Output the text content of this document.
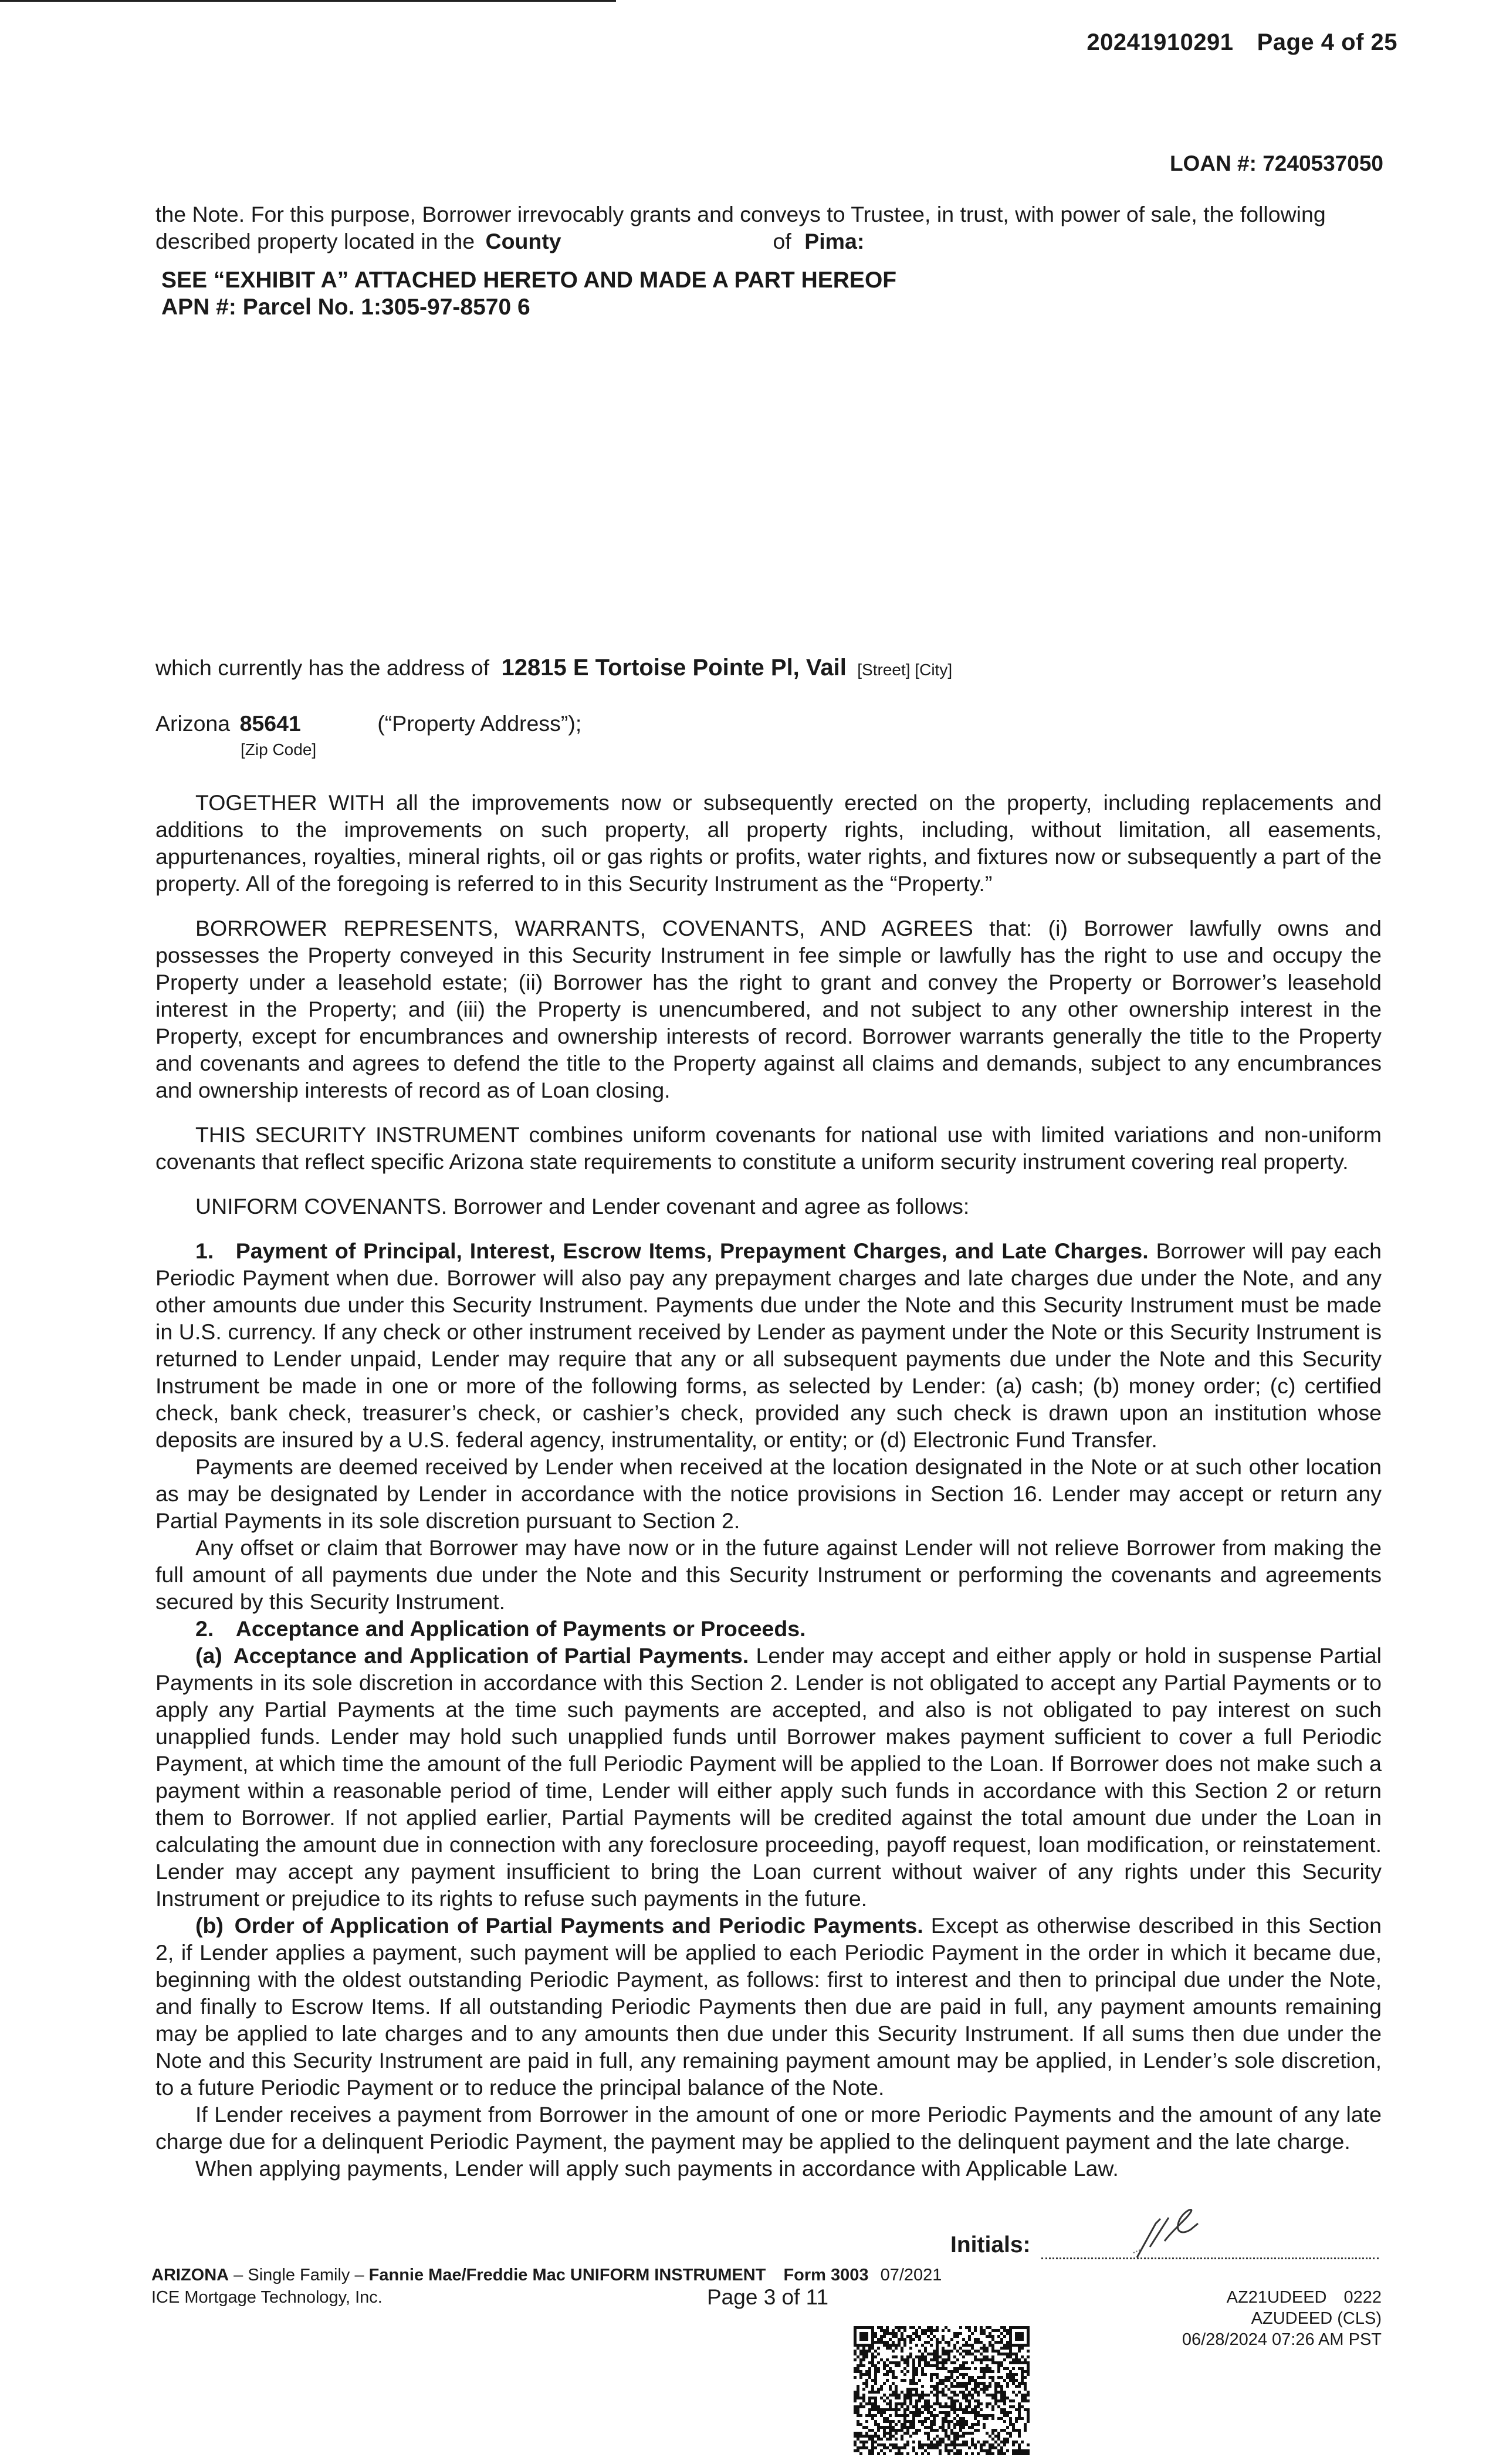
20241910291 Page 4 of 25
LOAN #: 7240537050
the Note. For this purpose, Borrower irrevocably grants and conveys to Trustee, in trust, with power of sale, the following described property located in the County	of Pima:
SEE “EXHIBIT A” ATTACHED HERETO AND MADE A PART HEREOF
APN #: Parcel No. 1:305-97-8570 6
which currently has the address of 12815 E Tortoise Pointe Pl, Vail [Street] [City]
Arizona 85641	(“Property Address”);
[Zip Code]

TOGETHER WITH all the improvements now or subsequently erected on the property, including replacements and additions to the improvements on such property, all property rights, including, without limitation, all easements, appurtenances, royalties, mineral rights, oil or gas rights or profits, water rights, and fixtures now or subsequently a part of the property. All of the foregoing is referred to in this Security Instrument as the “Property.”

BORROWER REPRESENTS, WARRANTS, COVENANTS, AND AGREES that: (i) Borrower lawfully owns and possesses the Property conveyed in this Security Instrument in fee simple or lawfully has the right to use and occupy the Property under a leasehold estate; (ii) Borrower has the right to grant and convey the Property or Borrower’s leasehold interest in the Property; and (iii) the Property is unencumbered, and not subject to any other ownership interest in the Property, except for encumbrances and ownership interests of record. Borrower warrants generally the title to the Property and covenants and agrees to defend the title to the Property against all claims and demands, subject to any encumbrances and ownership interests of record as of Loan closing.

THIS SECURITY INSTRUMENT combines uniform covenants for national use with limited variations and non-uniform covenants that reflect specific Arizona state requirements to constitute a uniform security instrument covering real property.

UNIFORM COVENANTS. Borrower and Lender covenant and agree as follows:

1. Payment of Principal, Interest, Escrow Items, Prepayment Charges, and Late Charges. Borrower will pay each Periodic Payment when due. Borrower will also pay any prepayment charges and late charges due under the Note, and any other amounts due under this Security Instrument. Payments due under the Note and this Security Instrument must be made in U.S. currency. If any check or other instrument received by Lender as payment under the Note or this Security Instrument is returned to Lender unpaid, Lender may require that any or all subsequent payments due under the Note and this Security Instrument be made in one or more of the following forms, as selected by Lender: (a) cash; (b) money order; (c) certified check, bank check, treasurer’s check, or cashier’s check, provided any such check is drawn upon an institution whose deposits are insured by a U.S. federal agency, instrumentality, or entity; or (d) Electronic Fund Transfer.

Payments are deemed received by Lender when received at the location designated in the Note or at such other location as may be designated by Lender in accordance with the notice provisions in Section 16. Lender may accept or return any Partial Payments in its sole discretion pursuant to Section 2.

Any offset or claim that Borrower may have now or in the future against Lender will not relieve Borrower from making the full amount of all payments due under the Note and this Security Instrument or performing the covenants and agreements secured by this Security Instrument.

2. Acceptance and Application of Payments or Proceeds.

(a) Acceptance and Application of Partial Payments. Lender may accept and either apply or hold in suspense Partial Payments in its sole discretion in accordance with this Section 2. Lender is not obligated to accept any Partial Payments or to apply any Partial Payments at the time such payments are accepted, and also is not obligated to pay interest on such unapplied funds. Lender may hold such unapplied funds until Borrower makes payment sufficient to cover a full Periodic Payment, at which time the amount of the full Periodic Payment will be applied to the Loan. If Borrower does not make such a payment within a reasonable period of time, Lender will either apply such funds in accordance with this Section 2 or return them to Borrower. If not applied earlier, Partial Payments will be credited against the total amount due under the Loan in calculating the amount due in connection with any foreclosure proceeding, payoff request, loan modification, or reinstatement. Lender may accept any payment insufficient to bring the Loan current without waiver of any rights under this Security Instrument or prejudice to its rights to refuse such payments in the future.

(b) Order of Application of Partial Payments and Periodic Payments. Except as otherwise described in this Section 2, if Lender applies a payment, such payment will be applied to each Periodic Payment in the order in which it became due, beginning with the oldest outstanding Periodic Payment, as follows: first to interest and then to principal due under the Note, and finally to Escrow Items. If all outstanding Periodic Payments then due are paid in full, any payment amounts remaining may be applied to late charges and to any amounts then due under this Security Instrument. If all sums then due under the Note and this Security Instrument are paid in full, any remaining payment amount may be applied, in Lender’s sole discretion, to a future Periodic Payment or to reduce the principal balance of the Note.

If Lender receives a payment from Borrower in the amount of one or more Periodic Payments and the amount of any late charge due for a delinquent Periodic Payment, the payment may be applied to the delinquent payment and the late charge.

When applying payments, Lender will apply such payments in accordance with Applicable Law.

Initials:
ARIZONA – Single Family – Fannie Mae/Freddie Mac UNIFORM INSTRUMENT Form 3003 07/2021
ICE Mortgage Technology, Inc.	Page 3 of 11	AZ21UDEED 0222
AZUDEED (CLS)
06/28/2024 07:26 AM PST
